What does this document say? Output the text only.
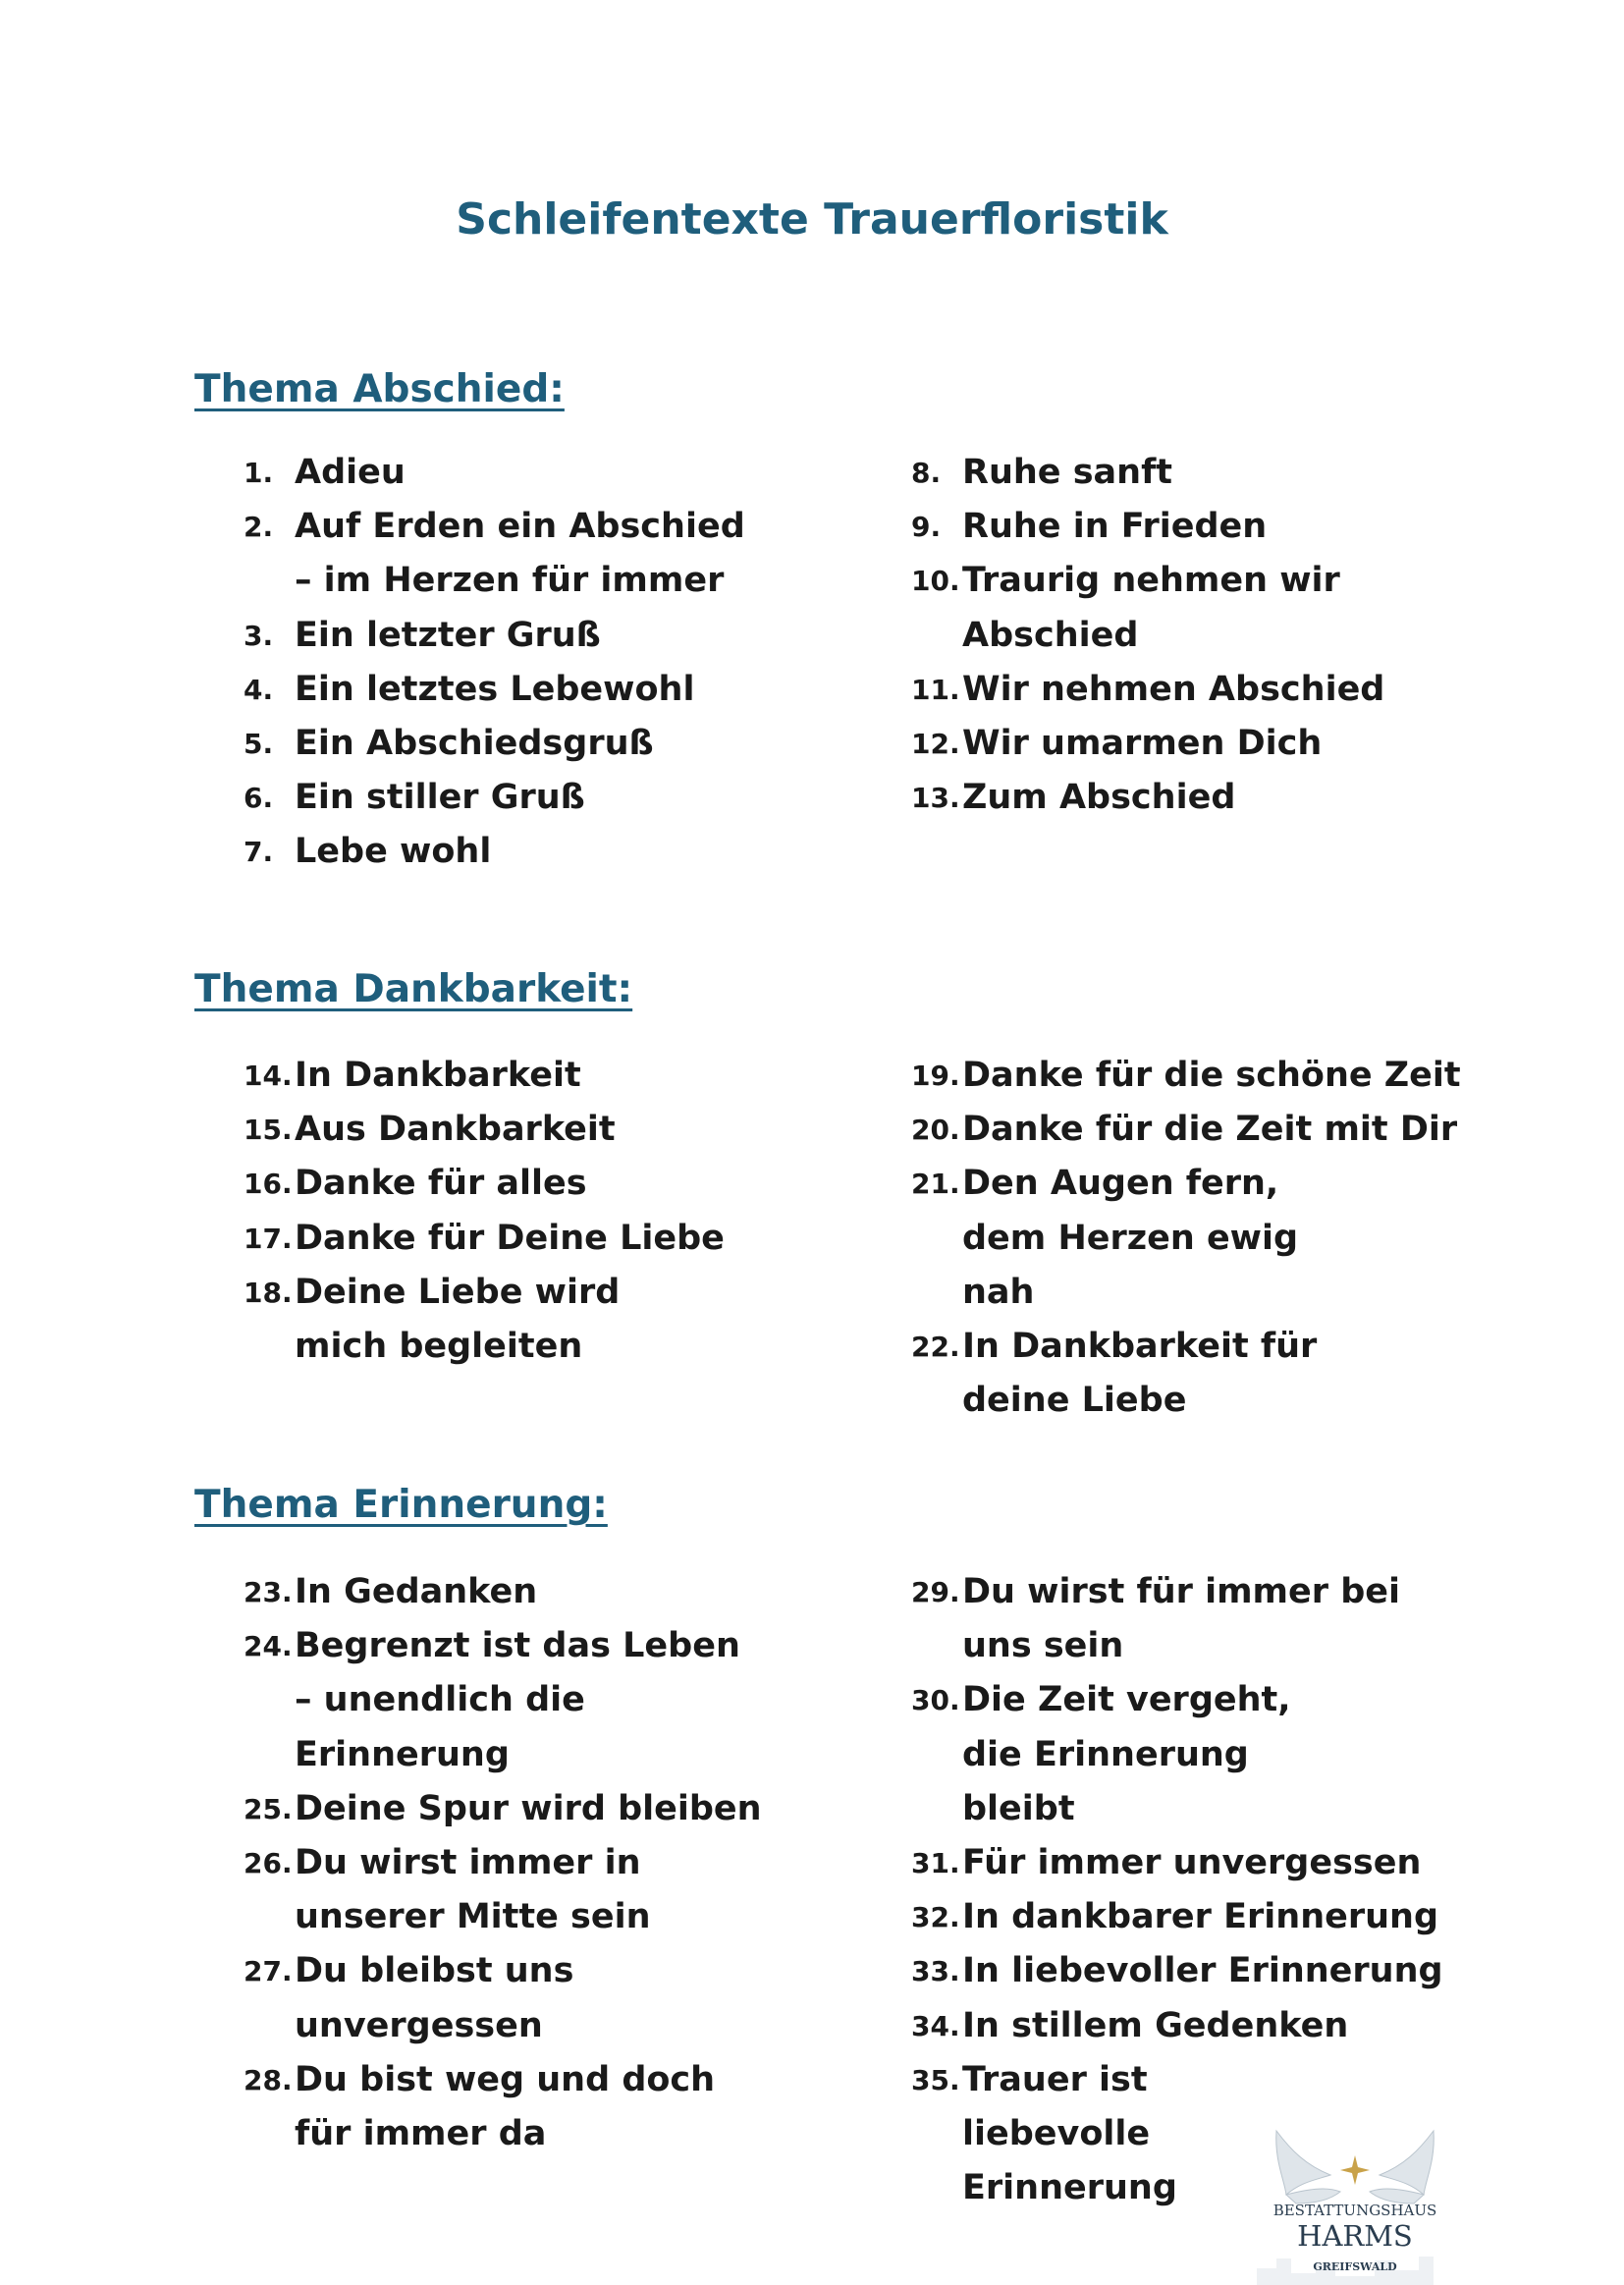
Schleifentexte Trauerfloristik
Thema Abschied:
1. Adieu
2. Auf Erden ein Abschied – im Herzen für immer
3. Ein letzter Gruß
4. Ein letztes Lebewohl
5. Ein Abschiedsgruß
6. Ein stiller Gruß
7. Lebe wohl
8. Ruhe sanft
9. Ruhe in Frieden
10. Traurig nehmen wir Abschied
11. Wir nehmen Abschied
12. Wir umarmen Dich
13. Zum Abschied
Thema Dankbarkeit:
14. In Dankbarkeit
15. Aus Dankbarkeit
16. Danke für alles
17. Danke für Deine Liebe
18. Deine Liebe wird mich begleiten
19. Danke für die schöne Zeit
20. Danke für die Zeit mit Dir
21. Den Augen fern, dem Herzen ewig nah
22. In Dankbarkeit für deine Liebe
Thema Erinnerung:
23. In Gedanken
24. Begrenzt ist das Leben – unendlich die Erinnerung
25. Deine Spur wird bleiben
26. Du wirst immer in unserer Mitte sein
27. Du bleibst uns unvergessen
28. Du bist weg und doch für immer da
29. Du wirst für immer bei uns sein
30. Die Zeit vergeht, die Erinnerung bleibt
31. Für immer unvergessen
32. In dankbarer Erinnerung
33. In liebevoller Erinnerung
34. In stillem Gedenken
35. Trauer ist liebevolle Erinnerung
BESTATTUNGSHAUS
HARMS
GREIFSWALD
